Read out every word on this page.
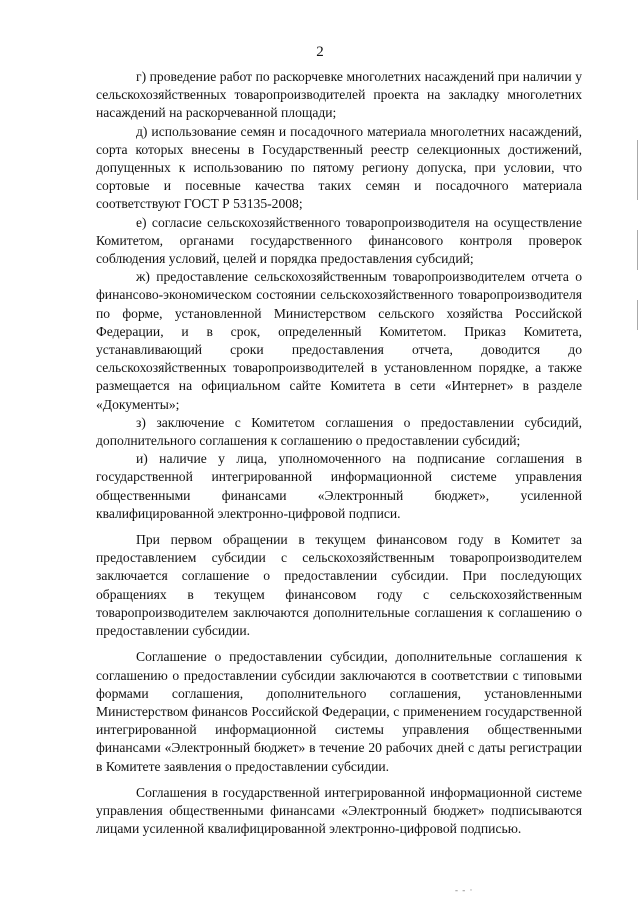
2

г) проведение работ по раскорчевке многолетних насаждений при наличии у сельскохозяйственных товаропроизводителей проекта на закладку многолетних насаждений на раскорчеванной площади;

д) использование семян и посадочного материала многолетних насаждений, сорта которых внесены в Государственный реестр селекционных достижений, допущенных к использованию по пятому региону допуска, при условии, что сортовые и посевные качества таких семян и посадочного материала соответствуют ГОСТ Р 53135-2008;

е) согласие сельскохозяйственного товаропроизводителя на осуществление Комитетом, органами государственного финансового контроля проверок соблюдения условий, целей и порядка предоставления субсидий;

ж) предоставление сельскохозяйственным товаропроизводителем отчета о финансово-экономическом состоянии сельскохозяйственного товаропроизводителя по форме, установленной Министерством сельского хозяйства Российской Федерации, и в срок, определенный Комитетом. Приказ Комитета, устанавливающий сроки предоставления отчета, доводится до сельскохозяйственных товаропроизводителей в установленном порядке, а также размещается на официальном сайте Комитета в сети «Интернет» в разделе «Документы»;

з) заключение с Комитетом соглашения о предоставлении субсидий, дополнительного соглашения к соглашению о предоставлении субсидий;

и) наличие у лица, уполномоченного на подписание соглашения в государственной интегрированной информационной системе управления общественными финансами «Электронный бюджет», усиленной квалифицированной электронно-цифровой подписи.

При первом обращении в текущем финансовом году в Комитет за предоставлением субсидии с сельскохозяйственным товаропроизводителем заключается соглашение о предоставлении субсидии. При последующих обращениях в текущем финансовом году с сельскохозяйственным товаропроизводителем заключаются дополнительные соглашения к соглашению о предоставлении субсидии.

Соглашение о предоставлении субсидии, дополнительные соглашения к соглашению о предоставлении субсидии заключаются в соответствии с типовыми формами соглашения, дополнительного соглашения, установленными Министерством финансов Российской Федерации, с применением государственной интегрированной информационной системы управления общественными финансами «Электронный бюджет» в течение 20 рабочих дней с даты регистрации в Комитете заявления о предоставлении субсидии.

Соглашения в государственной интегрированной информационной системе управления общественными финансами «Электронный бюджет» подписываются лицами усиленной квалифицированной электронно-цифровой подписью.

- - ·
